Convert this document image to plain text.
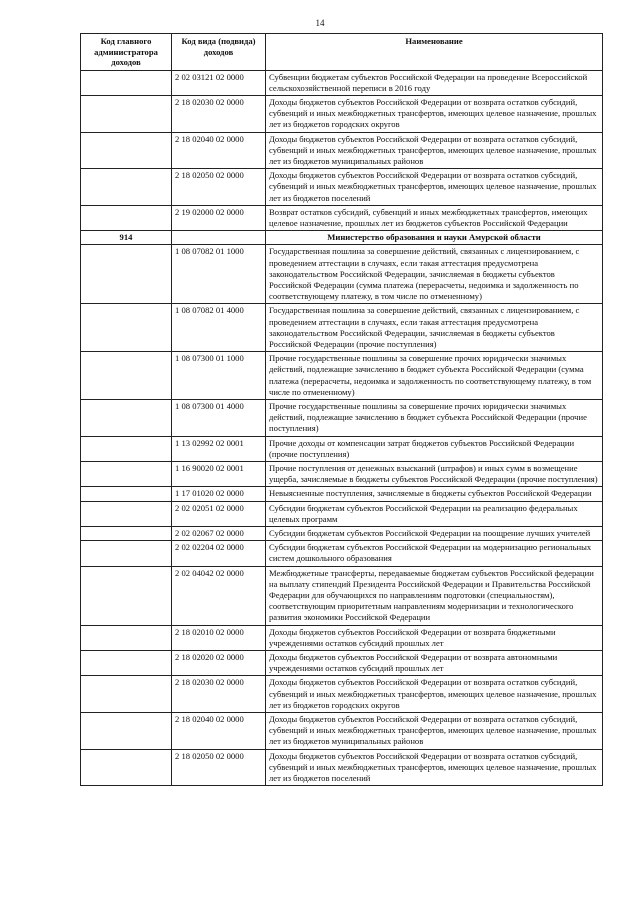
14
Код главного администратора доходов	Код вида (подвида) доходов	Наименование
	2 02 03121 02 0000	Субвенции бюджетам субъектов Российской Федерации на проведение Всероссийской сельскохозяйственной переписи в 2016 году
	2 18 02030 02 0000	Доходы бюджетов субъектов Российской Федерации от возврата остатков субсидий, субвенций и иных межбюджетных трансфертов, имеющих целевое назначение, прошлых лет из бюджетов городских округов
	2 18 02040 02 0000	Доходы бюджетов субъектов Российской Федерации от возврата остатков субсидий, субвенций и иных межбюджетных трансфертов, имеющих целевое назначение, прошлых лет из бюджетов муниципальных районов
	2 18 02050 02 0000	Доходы бюджетов субъектов Российской Федерации от возврата остатков субсидий, субвенций и иных межбюджетных трансфертов, имеющих целевое назначение, прошлых лет из бюджетов поселений
	2 19 02000 02 0000	Возврат остатков субсидий, субвенций и иных межбюджетных трансфертов, имеющих целевое назначение, прошлых лет из бюджетов субъектов Российской Федерации
914		Министерство образования и науки Амурской области
	1 08 07082 01 1000	Государственная пошлина за совершение действий, связанных с лицензированием, с проведением аттестации в случаях, если такая аттестация предусмотрена законодательством Российской Федерации, зачисляемая в бюджеты субъектов Российской Федерации (сумма платежа (перерасчеты, недоимка и задолженность по соответствующему платежу, в том числе по отмененному)
	1 08 07082 01 4000	Государственная пошлина за совершение действий, связанных с лицензированием, с проведением аттестации в случаях, если такая аттестация предусмотрена законодательством Российской Федерации, зачисляемая в бюджеты субъектов Российской Федерации (прочие поступления)
	1 08 07300 01 1000	Прочие государственные пошлины за совершение прочих юридически значимых действий, подлежащие зачислению в бюджет субъекта Российской Федерации (сумма платежа (перерасчеты, недоимка и задолженность по соответствующему платежу, в том числе по отмененному)
	1 08 07300 01 4000	Прочие государственные пошлины за совершение прочих юридически значимых действий, подлежащие зачислению в бюджет субъекта Российской Федерации (прочие поступления)
	1 13 02992 02 0001	Прочие доходы от компенсации затрат бюджетов субъектов Российской Федерации (прочие поступления)
	1 16 90020 02 0001	Прочие поступления от денежных взысканий (штрафов) и иных сумм в возмещение ущерба, зачисляемые в бюджеты субъектов Российской Федерации (прочие поступления)
	1 17 01020 02 0000	Невыясненные поступления, зачисляемые в бюджеты субъектов Российской Федерации
	2 02 02051 02 0000	Субсидии бюджетам субъектов Российской Федерации на реализацию федеральных целевых программ
	2 02 02067 02 0000	Субсидии бюджетам субъектов Российской Федерации на поощрение лучших учителей
	2 02 02204 02 0000	Субсидии бюджетам субъектов Российской Федерации на модернизацию региональных систем дошкольного образования
	2 02 04042 02 0000	Межбюджетные трансферты, передаваемые бюджетам субъектов Российской федерации на выплату стипендий Президента Российской Федерации и Правительства Российской Федерации для обучающихся по направлениям подготовки (специальностям), соответствующим приоритетным направлениям модернизации и технологического развития экономики Российской Федерации
	2 18 02010 02 0000	Доходы бюджетов субъектов Российской Федерации от возврата бюджетными учреждениями остатков субсидий прошлых лет
	2 18 02020 02 0000	Доходы бюджетов субъектов Российской Федерации от возврата автономными учреждениями остатков субсидий прошлых лет
	2 18 02030 02 0000	Доходы бюджетов субъектов Российской Федерации от возврата остатков субсидий, субвенций и иных межбюджетных трансфертов, имеющих целевое назначение, прошлых лет из бюджетов городских округов
	2 18 02040 02 0000	Доходы бюджетов субъектов Российской Федерации от возврата остатков субсидий, субвенций и иных межбюджетных трансфертов, имеющих целевое назначение, прошлых лет из бюджетов муниципальных районов
	2 18 02050 02 0000	Доходы бюджетов субъектов Российской Федерации от возврата остатков субсидий, субвенций и иных межбюджетных трансфертов, имеющих целевое назначение, прошлых лет из бюджетов поселений
